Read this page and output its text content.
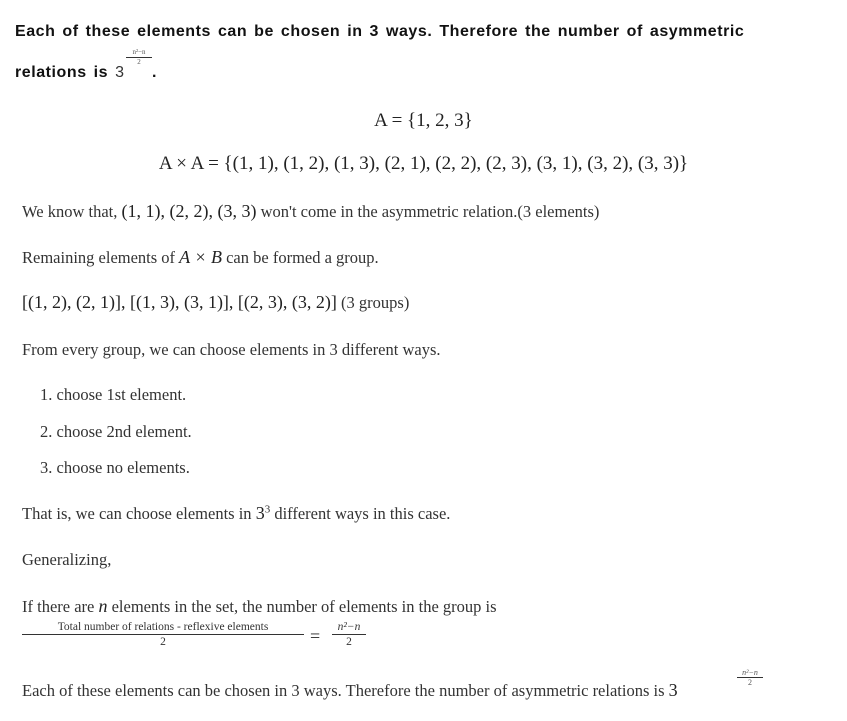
Each of these elements can be chosen in 3 ways. Therefore the number of asymmetric
relations is 3
$\frac{\text{n²−n}}{2}$
.
A = {1, 2, 3}
A × A = {(1, 1), (1, 2), (1, 3), (2, 1), (2, 2), (2, 3), (3, 1), (3, 2), (3, 3)}
We know that, (1, 1), (2, 2), (3, 3) won't come in the asymmetric relation.(3 elements)
Remaining elements of A × B can be formed a group.
[(1, 2), (2, 1)], [(1, 3), (3, 1)], [(2, 3), (3, 2)] (3 groups)
From every group, we can choose elements in 3 different ways.
1. choose 1st element.
2. choose 2nd element.
3. choose no elements.
That is, we can choose elements in $3^3$ different ways in this case.
Generalizing,
If there are n elements in the set, the number of elements in the group is
Total number of relations - reflexive elements
2	= $\frac{\text{n²−n}}{2}$
Each of these elements can be chosen in 3 ways. Therefore the number of asymmetric relations is 3
$\frac{\text{n²−n}}{2}$
